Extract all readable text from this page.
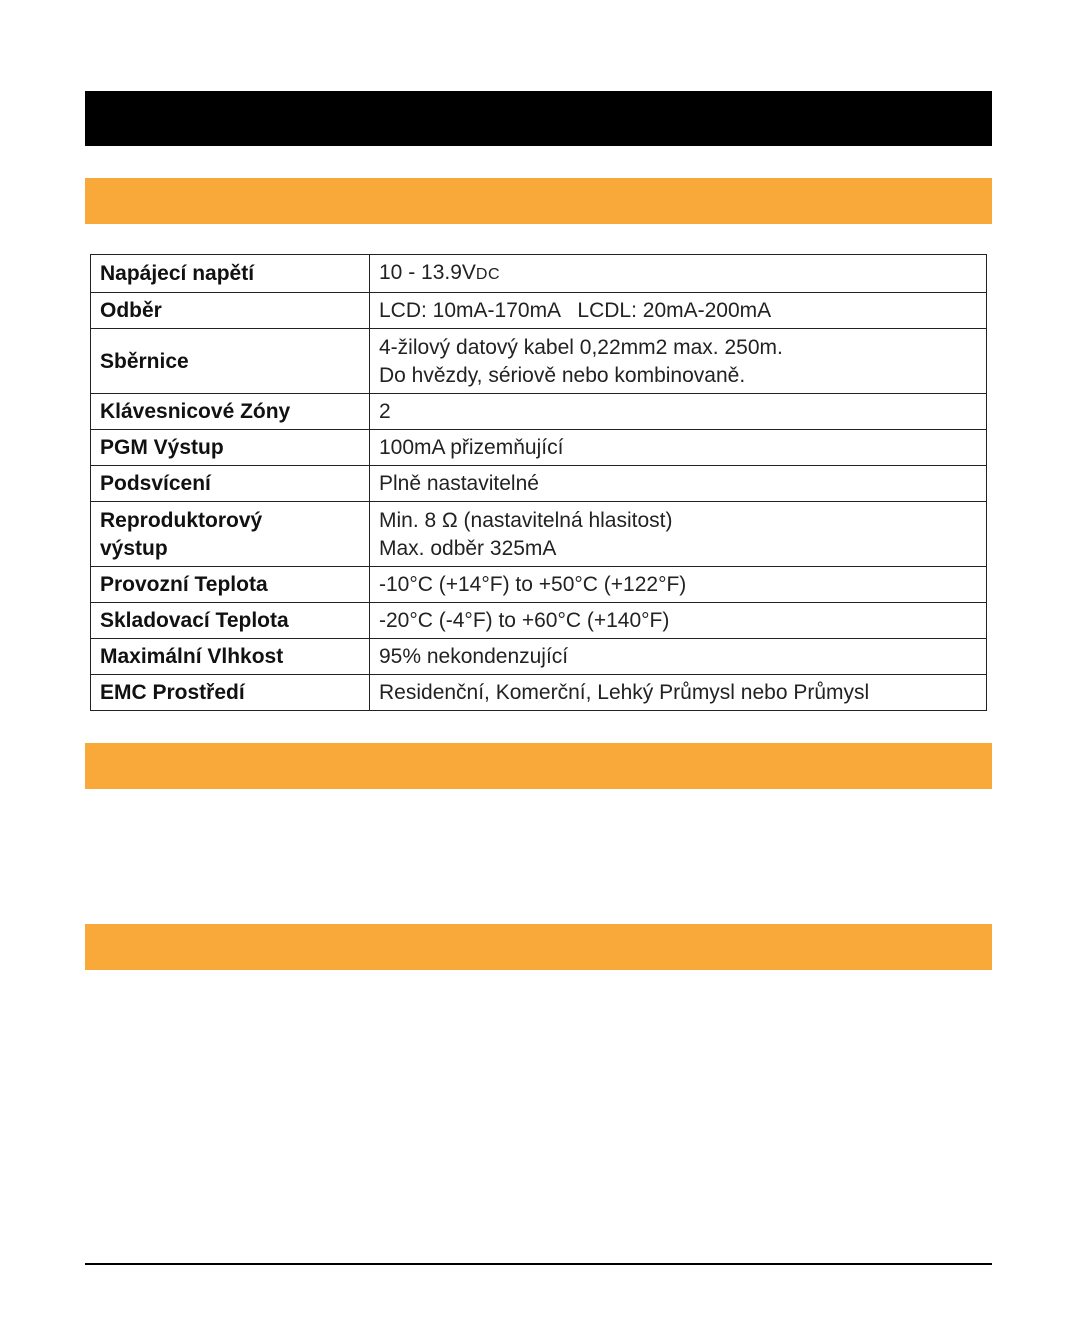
Napájecí napětí	10 - 13.9VDC
Odběr	LCD: 10mA-170mA   LCDL: 20mA-200mA
Sběrnice	4-žilový datový kabel 0,22mm2 max. 250m.
Do hvězdy, sériově nebo kombinovaně.

Klávesnicové Zóny	2
PGM Výstup	100mA přizemňující
Podsvícení	Plně nastavitelné
Reproduktorový výstup	Min. 8 Ω (nastavitelná hlasitost)
Max. odběr 325mA

Provozní Teplota	-10°C (+14°F) to +50°C (+122°F)
Skladovací Teplota	-20°C (-4°F) to +60°C (+140°F)
Maximální Vlhkost	95% nekondenzující
EMC Prostředí	Residenční, Komerční, Lehký Průmysl nebo Průmysl
